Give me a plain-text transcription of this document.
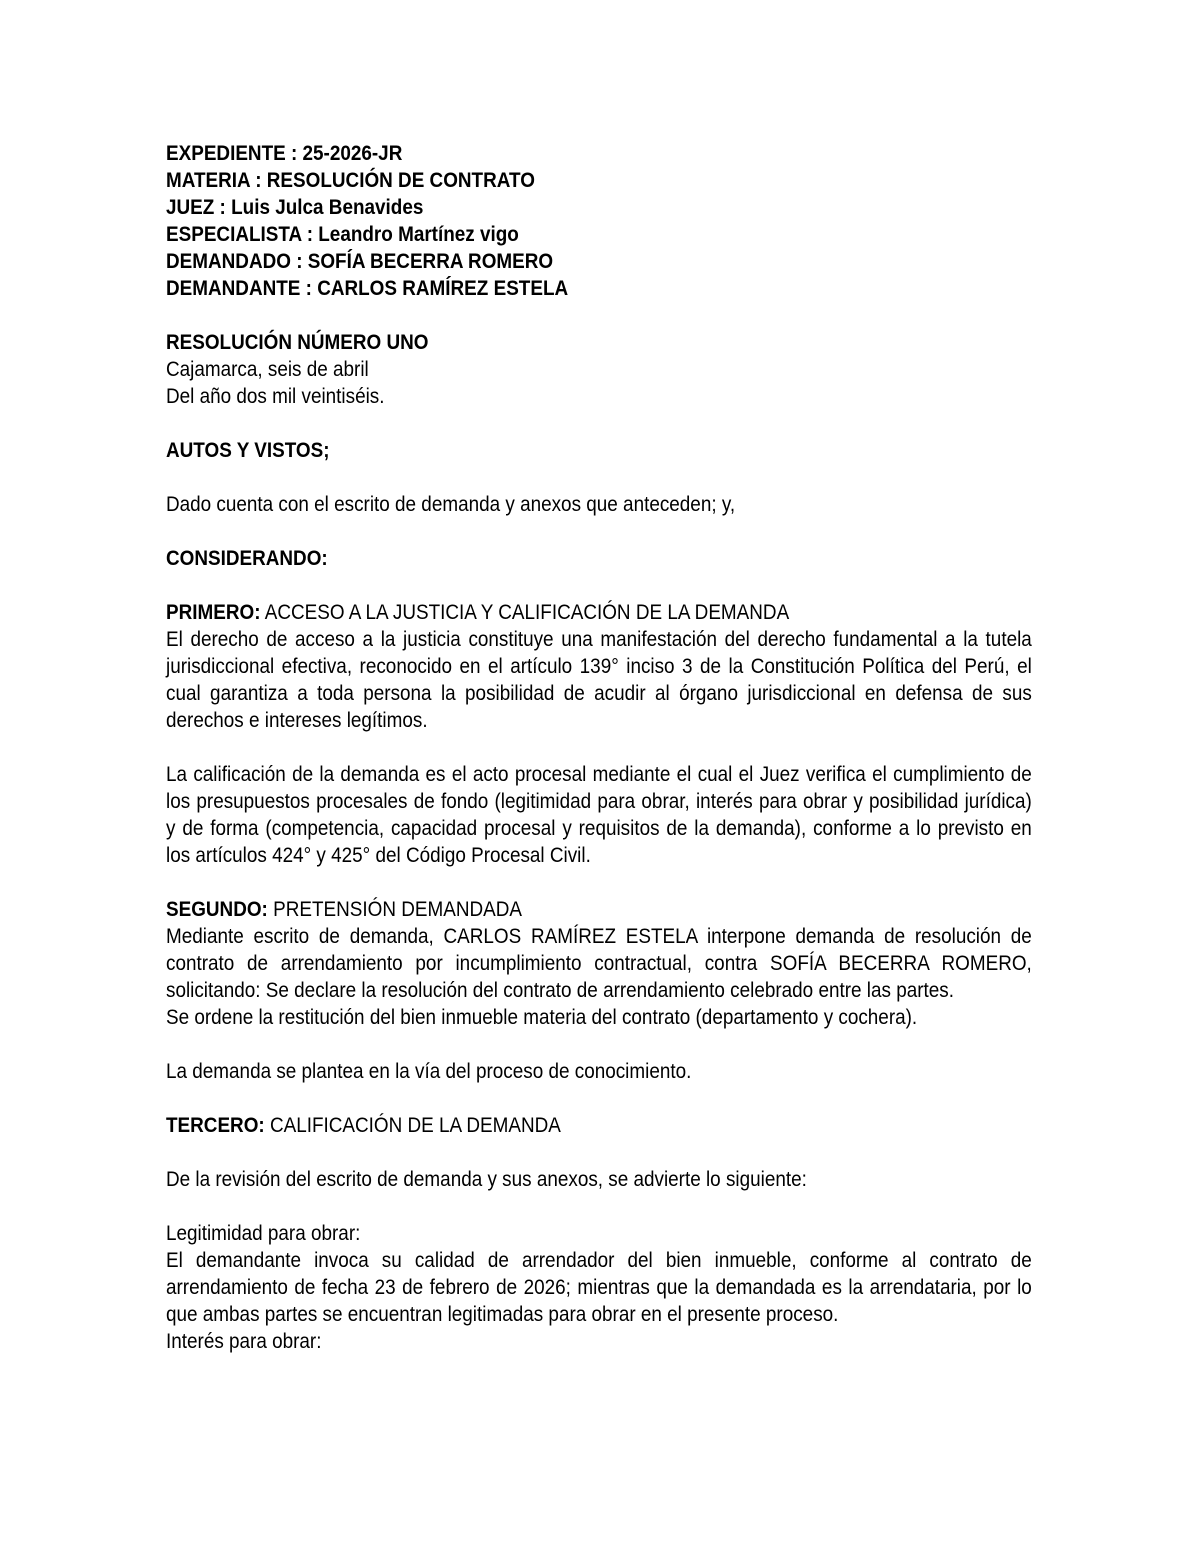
EXPEDIENTE : 25-2026-JR

MATERIA : RESOLUCIÓN DE CONTRATO

JUEZ : Luis Julca Benavides

ESPECIALISTA : Leandro Martínez vigo

DEMANDADO : SOFÍA BECERRA ROMERO

DEMANDANTE : CARLOS RAMÍREZ ESTELA

RESOLUCIÓN NÚMERO UNO

Cajamarca, seis de abril

Del año dos mil veintiséis.

AUTOS Y VISTOS;

Dado cuenta con el escrito de demanda y anexos que anteceden; y,

CONSIDERANDO:

PRIMERO: ACCESO A LA JUSTICIA Y CALIFICACIÓN DE LA DEMANDA

El derecho de acceso a la justicia constituye una manifestación del derecho fundamental a la tutela jurisdiccional efectiva, reconocido en el artículo 139° inciso 3 de la Constitución Política del Perú, el cual garantiza a toda persona la posibilidad de acudir al órgano jurisdiccional en defensa de sus derechos e intereses legítimos.

La calificación de la demanda es el acto procesal mediante el cual el Juez verifica el cumplimiento de los presupuestos procesales de fondo (legitimidad para obrar, interés para obrar y posibilidad jurídica) y de forma (competencia, capacidad procesal y requisitos de la demanda), conforme a lo previsto en los artículos 424° y 425° del Código Procesal Civil.

SEGUNDO: PRETENSIÓN DEMANDADA

Mediante escrito de demanda, CARLOS RAMÍREZ ESTELA interpone demanda de resolución de contrato de arrendamiento por incumplimiento contractual, contra SOFÍA BECERRA ROMERO, solicitando: Se declare la resolución del contrato de arrendamiento celebrado entre las partes.

Se ordene la restitución del bien inmueble materia del contrato (departamento y cochera).

La demanda se plantea en la vía del proceso de conocimiento.

TERCERO: CALIFICACIÓN DE LA DEMANDA

De la revisión del escrito de demanda y sus anexos, se advierte lo siguiente:

Legitimidad para obrar:

El demandante invoca su calidad de arrendador del bien inmueble, conforme al contrato de arrendamiento de fecha 23 de febrero de 2026; mientras que la demandada es la arrendataria, por lo que ambas partes se encuentran legitimadas para obrar en el presente proceso.

Interés para obrar:
